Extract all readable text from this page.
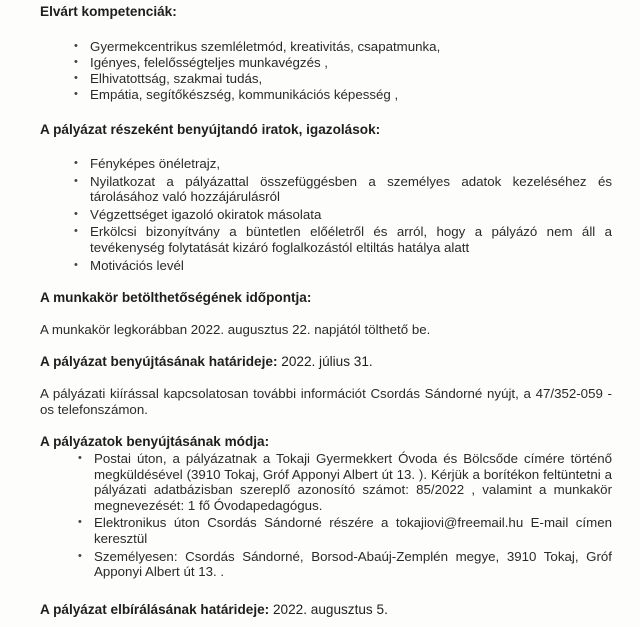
Elvárt kompetenciák:
• Gyermekcentrikus szemléletmód, kreativitás, csapatmunka,
• Igényes, felelősségteljes munkavégzés ,
• Elhivatottság, szakmai tudás,
• Empátia, segítőkészség, kommunikációs képesség ,
A pályázat részeként benyújtandó iratok, igazolások:
• Fényképes önéletrajz,
• Nyilatkozat a pályázattal összefüggésben a személyes adatok kezeléséhez és tárolásához való hozzájárulásról
• Végzettséget igazoló okiratok másolata
• Erkölcsi bizonyítvány a büntetlen előéletről és arról, hogy a pályázó nem áll a tevékenység folytatását kizáró foglalkozástól eltiltás hatálya alatt
• Motivációs levél
A munkakör betölthetőségének időpontja:

A munkakör legkorábban 2022. augusztus 22. napjától tölthető be.

A pályázat benyújtásának határideje: 2022. július 31.

A pályázati kiírással kapcsolatosan további információt Csordás Sándorné nyújt, a 47/352-059 -os telefonszámon.

A pályázatok benyújtásának módja:
• Postai úton, a pályázatnak a Tokaji Gyermekkert Óvoda és Bölcsőde címére történő megküldésével (3910 Tokaj, Gróf Apponyi Albert út 13. ). Kérjük a borítékon feltüntetni a pályázati adatbázisban szereplő azonosító számot: 85/2022 , valamint a munkakör megnevezését: 1 fő Óvodapedagógus.
• Elektronikus úton Csordás Sándorné részére a tokajiovi@freemail.hu E-mail címen keresztül
• Személyesen: Csordás Sándorné, Borsod-Abaúj-Zemplén megye, 3910 Tokaj, Gróf Apponyi Albert út 13. .
A pályázat elbírálásának határideje: 2022. augusztus 5.
